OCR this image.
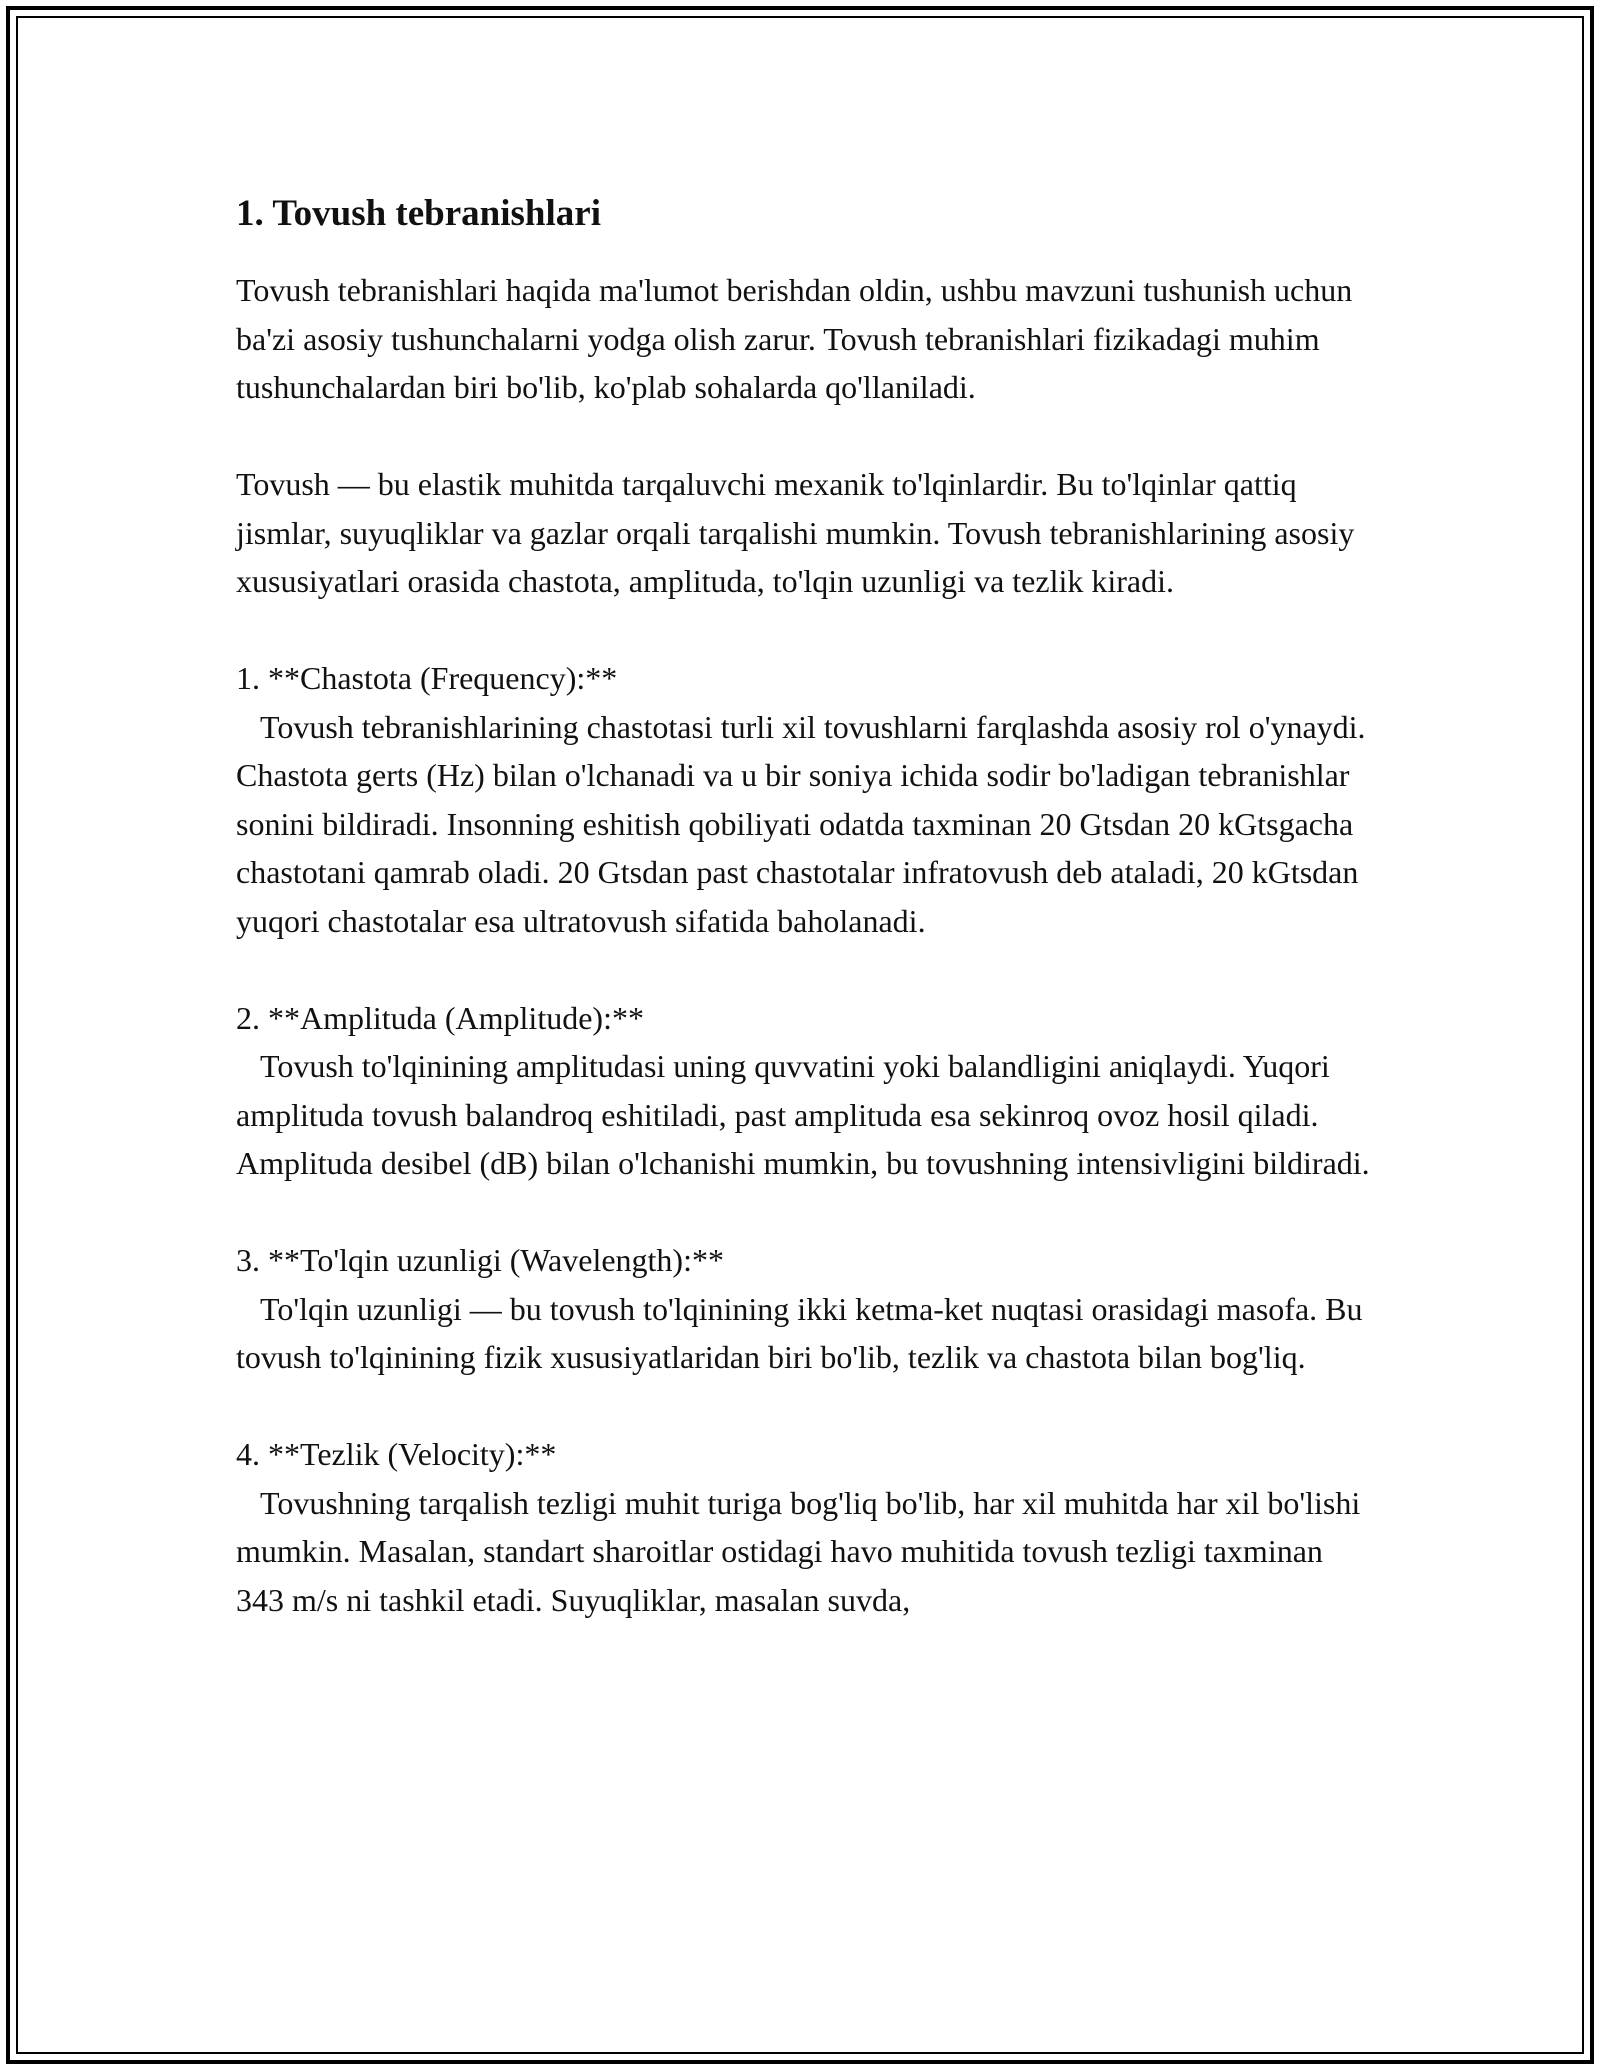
1. Tovush tebranishlari

Tovush tebranishlari haqida ma'lumot berishdan oldin, ushbu mavzuni tushunish uchun ba'zi asosiy tushunchalarni yodga olish zarur. Tovush tebranishlari fizikadagi muhim tushunchalardan biri bo'lib, ko'plab sohalarda qo'llaniladi.

Tovush — bu elastik muhitda tarqaluvchi mexanik to'lqinlardir. Bu to'lqinlar qattiq jismlar, suyuqliklar va gazlar orqali tarqalishi mumkin. Tovush tebranishlarining asosiy xususiyatlari orasida chastota, amplituda, to'lqin uzunligi va tezlik kiradi.

1. **Chastota (Frequency):**
Tovush tebranishlarining chastotasi turli xil tovushlarni farqlashda asosiy rol o'ynaydi. Chastota gerts (Hz) bilan o'lchanadi va u bir soniya ichida sodir bo'ladigan tebranishlar sonini bildiradi. Insonning eshitish qobiliyati odatda taxminan 20 Gtsdan 20 kGtsgacha chastotani qamrab oladi. 20 Gtsdan past chastotalar infratovush deb ataladi, 20 kGtsdan yuqori chastotalar esa ultratovush sifatida baholanadi.

2. **Amplituda (Amplitude):**
Tovush to'lqinining amplitudasi uning quvvatini yoki balandligini aniqlaydi. Yuqori amplituda tovush balandroq eshitiladi, past amplituda esa sekinroq ovoz hosil qiladi. Amplituda desibel (dB) bilan o'lchanishi mumkin, bu tovushning intensivligini bildiradi.

3. **To'lqin uzunligi (Wavelength):**
To'lqin uzunligi — bu tovush to'lqinining ikki ketma-ket nuqtasi orasidagi masofa. Bu tovush to'lqinining fizik xususiyatlaridan biri bo'lib, tezlik va chastota bilan bog'liq.

4. **Tezlik (Velocity):**
Tovushning tarqalish tezligi muhit turiga bog'liq bo'lib, har xil muhitda har xil bo'lishi mumkin. Masalan, standart sharoitlar ostidagi havo muhitida tovush tezligi taxminan 343 m/s ni tashkil etadi. Suyuqliklar, masalan suvda,
